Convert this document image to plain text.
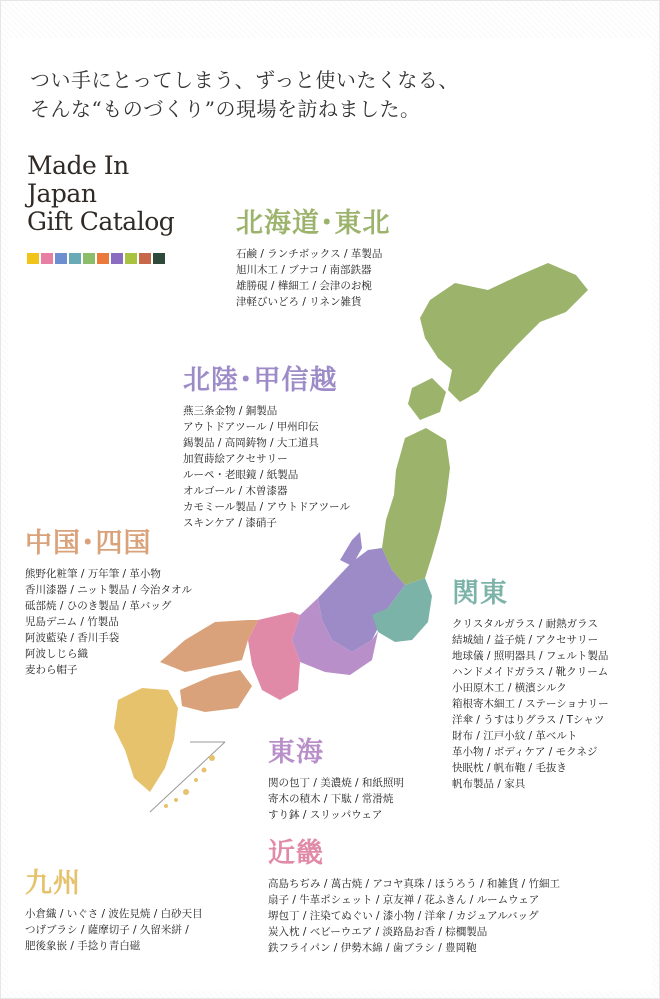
つい手にとってしまう、ずっと使いたくなる、
そんな“ものづくり”の現場を訪ねました。
Made In
Japan
Gift Catalog 北海道･東北
石鹸 / ランチボックス / 革製品
旭川木工 / ブナコ / 南部鉄器
雄勝硯 / 樺細工 / 会津のお椀
津軽びいどろ / リネン雑貨
北陸･甲信越
燕三条金物 / 銅製品
アウトドアツール / 甲州印伝
錫製品 / 高岡鋳物 / 大工道具
加賀蒔絵アクセサリー
ルーペ・老眼鏡 / 紙製品
オルゴール / 木曽漆器
カモミール製品 / アウトドアツール
スキンケア / 漆硝子
中国･四国
熊野化粧筆 / 万年筆 / 革小物
香川漆器 / ニット製品 / 今治タオル
砥部焼 / ひのき製品 / 革バッグ
児島デニム / 竹製品
阿波藍染 / 香川手袋
阿波しじら織
麦わら帽子
関東
クリスタルガラス / 耐熱ガラス
結城紬 / 益子焼 / アクセサリー
地球儀 / 照明器具 / フェルト製品
ハンドメイドガラス / 靴クリーム
小田原木工 / 横濱シルク
箱根寄木細工 / ステーショナリー
洋傘 / うすはりグラス / Tシャツ
財布 / 江戸小紋 / 革ベルト
革小物 / ボディケア / モクネジ
快眠枕 / 帆布鞄 / 毛抜き
帆布製品 / 家具
東海
関の包丁 / 美濃焼 / 和紙照明
寄木の積木 / 下駄 / 常滑焼
すり鉢 / スリッパウェア
近畿
高島ちぢみ / 萬古焼 / アコヤ真珠 / ほうろう / 和雑貨 / 竹細工
扇子 / 牛革ポシェット / 京友禅 / 花ふきん / ルームウェア
堺包丁 / 注染てぬぐい / 漆小物 / 洋傘 / カジュアルバッグ
炭入枕 / ベビーウエア / 淡路島お香 / 棕櫚製品
鉄フライパン / 伊勢木綿 / 歯ブラシ / 豊岡鞄
九州
小倉織 / いぐさ / 波佐見焼 / 白砂天目
つげブラシ / 薩摩切子 / 久留米絣 /
肥後象嵌 / 手捻り青白磁
